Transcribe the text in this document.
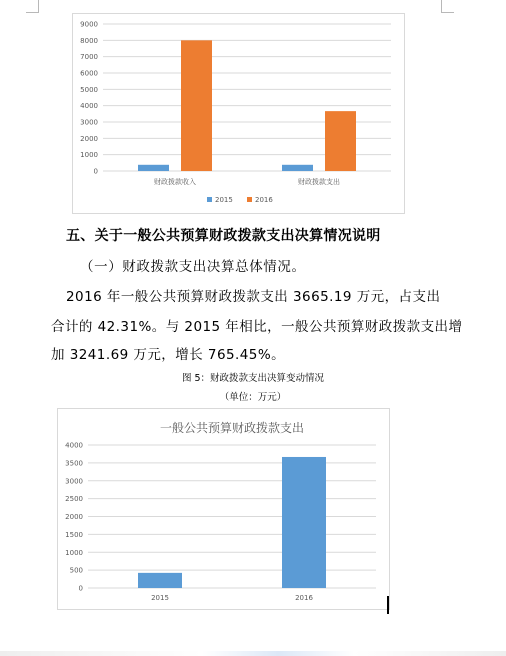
0
1000
2000
3000
4000
5000
6000
7000
8000
9000
财政拨款收入	财政拨款支出
2015	2016
五、关于一般公共预算财政拨款支出决算情况说明
（一）财政拨款支出决算总体情况。
2016 年一般公共预算财政拨款支出 3665.19 万元，占支出
合计的 42.31%。与 2015 年相比，一般公共预算财政拨款支出增
加 3241.69 万元，增长 765.45%。
图 5：财政拨款支出决算变动情况
（单位：万元）
一般公共预算财政拨款支出
0
500
1000
1500
2000
2500
3000
3500
4000
2015	2016
